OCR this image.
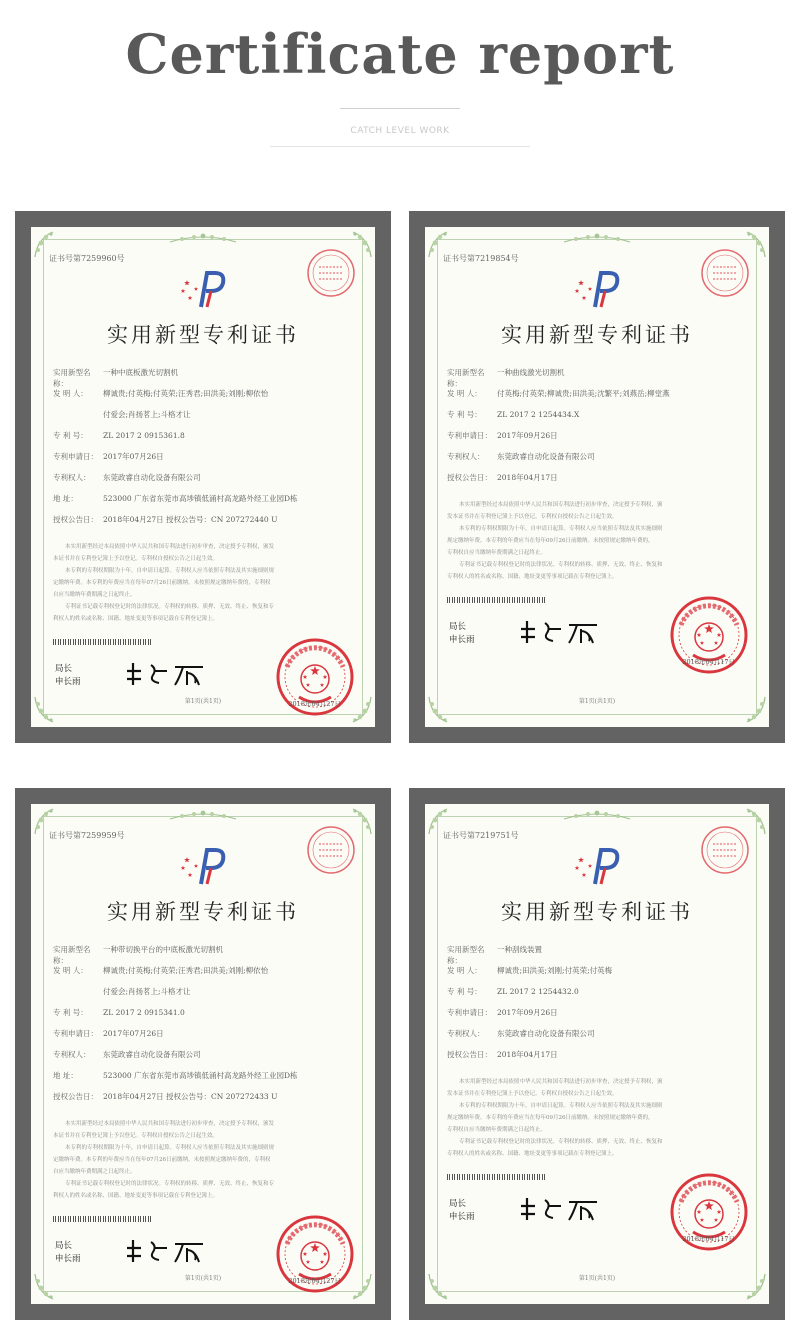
Certificate report
CATCH LEVEL WORK
证书号第7259960号
实用新型专利证书
实用新型名称：
一种中底板激光切割机
发 明 人：	柳诚贵;付英梅;付英荣;汪秀君;田洪美;刘刚;柳依怡
付爱会;肖扬茗上;斗格才让
专 利 号：	ZL 2017 2 0915361.8
专利申请日： 2017年07月26日
专利权人：	东莞政睿自动化设备有限公司
地 址：	523000 广东省东莞市高埗镇低涌村高龙路外经工业园D栋
授权公告日： 2018年04月27日 授权公告号：CN 207272440 U
本实用新型经过本局依照中华人民共和国专利法进行初步审查，决定授予专利权，颁发
本证书并在专利登记簿上予以登记。专利权自授权公告之日起生效。
本专利的专利权期限为十年，自申请日起算。专利权人应当依照专利法及其实施细则规
定缴纳年费。本专利的年费应当在每年07月26日前缴纳。未按照规定缴纳年费的，专利权
自应当缴纳年费期满之日起终止。
专利证书记载专利权登记时的法律状况。专利权的转移、质押、无效、终止、恢复和专
利权人的姓名或名称、国籍、地址变更等事项记载在专利登记簿上。
局长
申长雨
2018年04月27日
第1页(共1页)
证书号第7219854号
实用新型专利证书
实用新型名称：
一种曲线激光切割机
发 明 人：	付英梅;付英荣;柳诚贵;田洪美;沈繁平;刘燕岳;柳堂燕
专 利 号：	ZL 2017 2 1254434.X
专利申请日： 2017年09月26日
专利权人：	东莞政睿自动化设备有限公司
授权公告日： 2018年04月17日
本实用新型经过本局依照中华人民共和国专利法进行初步审查，决定授予专利权，颁
发本证书并在专利登记簿上予以登记。专利权自授权公告之日起生效。
本专利的专利权期限为十年，自申请日起算。专利权人应当依照专利法及其实施细则
规定缴纳年费。本专利的年费应当在每年09月26日前缴纳。未按照规定缴纳年费的，
专利权自应当缴纳年费期满之日起终止。
专利证书记载专利权登记时的法律状况。专利权的转移、质押、无效、终止、恢复和
专利权人的姓名或名称、国籍、地址变更等事项记载在专利登记簿上。
局长
申长雨
2018年04月17日
第1页(共1页)
证书号第7259959号
实用新型专利证书
实用新型名称：
一种带切换平台的中底板激光切割机
发 明 人：	柳诚贵;付英梅;付英荣;汪秀君;田洪美;刘刚;柳依怡
付爱会;肖扬茗上;斗格才让
专 利 号：	ZL 2017 2 0915341.0
专利申请日： 2017年07月26日
专利权人：	东莞政睿自动化设备有限公司
地 址：	523000 广东省东莞市高埗镇低涌村高龙路外经工业园D栋
授权公告日： 2018年04月27日 授权公告号：CN 207272433 U
本实用新型经过本局依照中华人民共和国专利法进行初步审查，决定授予专利权，颁发
本证书并在专利登记簿上予以登记。专利权自授权公告之日起生效。
本专利的专利权期限为十年，自申请日起算。专利权人应当依照专利法及其实施细则规
定缴纳年费。本专利的年费应当在每年07月26日前缴纳。未按照规定缴纳年费的，专利权
自应当缴纳年费期满之日起终止。
专利证书记载专利权登记时的法律状况。专利权的转移、质押、无效、终止、恢复和专
利权人的姓名或名称、国籍、地址变更等事项记载在专利登记簿上。
局长
申长雨
2018年04月27日
第1页(共1页)
证书号第7219751号
实用新型专利证书
实用新型名称：
一种刮线装置
发 明 人：	柳诚贵;田洪美;刘刚;付英荣;付英梅
专 利 号：	ZL 2017 2 1254432.0
专利申请日： 2017年09月26日
专利权人：	东莞政睿自动化设备有限公司
授权公告日： 2018年04月17日
本实用新型经过本局依照中华人民共和国专利法进行初步审查，决定授予专利权，颁
发本证书并在专利登记簿上予以登记。专利权自授权公告之日起生效。
本专利的专利权期限为十年，自申请日起算。专利权人应当依照专利法及其实施细则
规定缴纳年费。本专利的年费应当在每年09月26日前缴纳。未按照规定缴纳年费的，
专利权自应当缴纳年费期满之日起终止。
专利证书记载专利权登记时的法律状况。专利权的转移、质押、无效、终止、恢复和
专利权人的姓名或名称、国籍、地址变更等事项记载在专利登记簿上。
局长
申长雨
2018年04月17日
第1页(共1页)
